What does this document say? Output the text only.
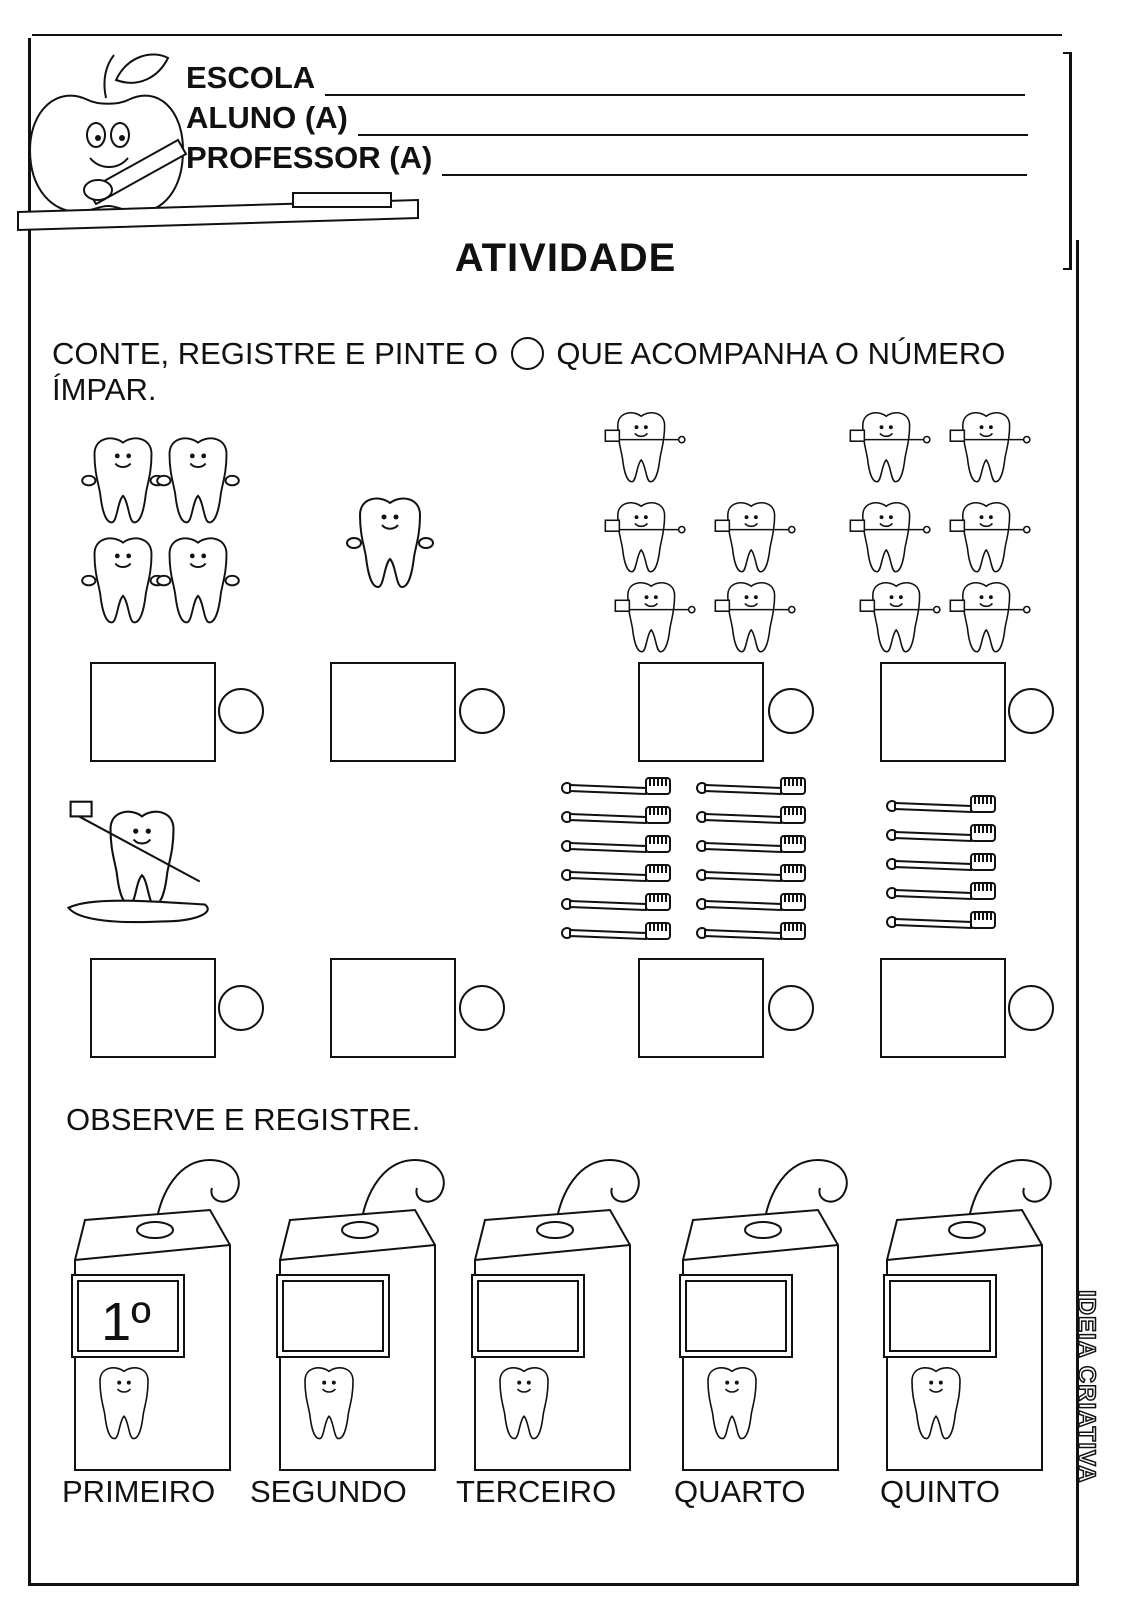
ESCOLA
ALUNO (A)
PROFESSOR (A)
ATIVIDADE
CONTE, REGISTRE E PINTE O QUE ACOMPANHA O NÚMERO ÍMPAR.
OBSERVE E REGISTRE.
1º
PRIMEIRO SEGUNDO TERCEIRO QUARTO QUINTO
IDEIA CRIATIVA
